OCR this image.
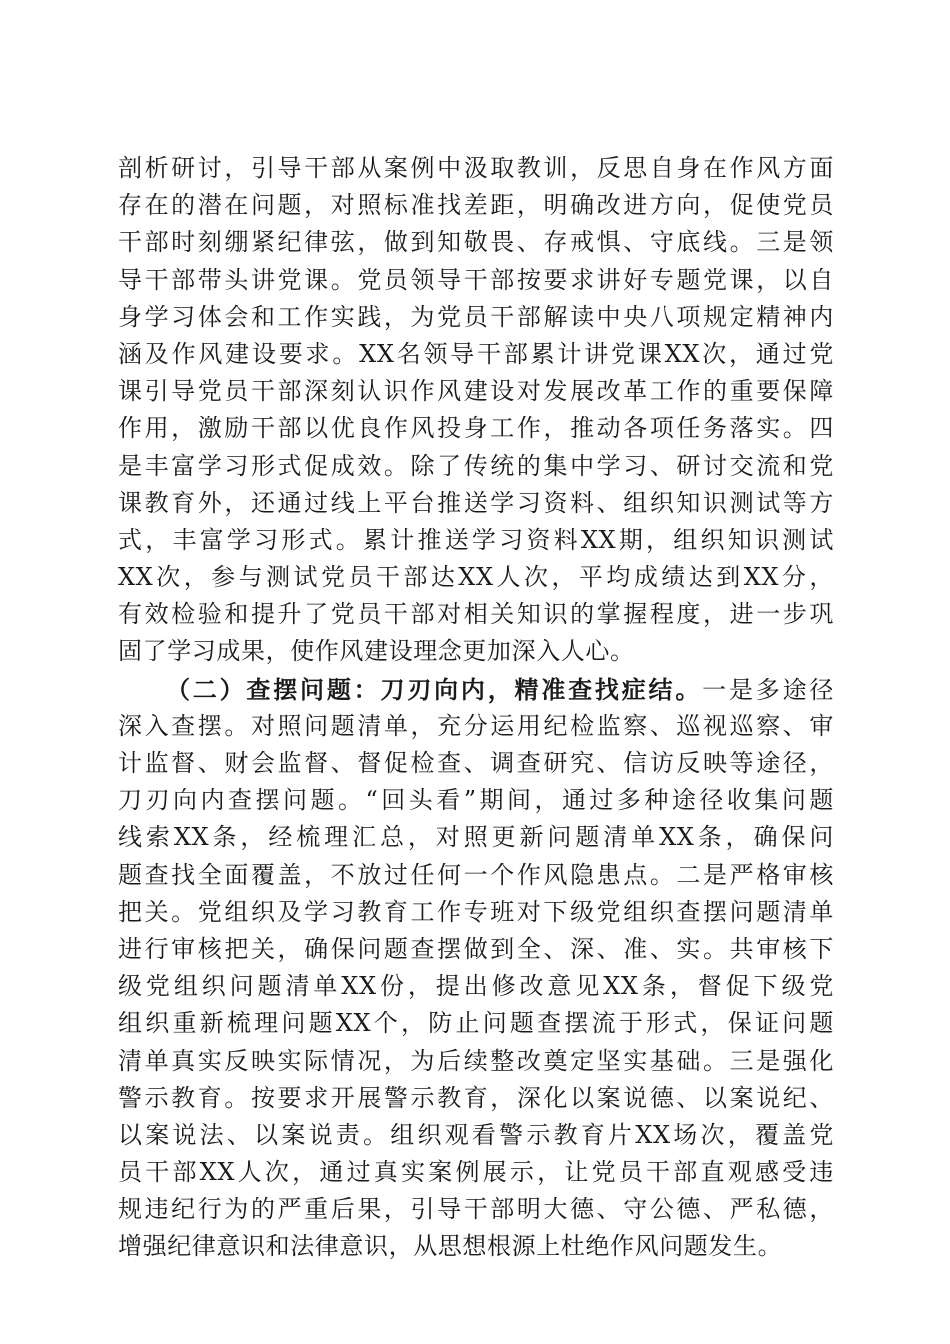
剖析研讨，引导干部从案例中汲取教训，反思自身在作风方面
存在的潜在问题，对照标准找差距，明确改进方向，促使党员
干部时刻绷紧纪律弦，做到知敬畏、存戒惧、守底线。三是领
导干部带头讲党课。党员领导干部按要求讲好专题党课，以自
身学习体会和工作实践，为党员干部解读中央八项规定精神内
涵及作风建设要求。XX名领导干部累计讲党课XX次，通过党
课引导党员干部深刻认识作风建设对发展改革工作的重要保障
作用，激励干部以优良作风投身工作，推动各项任务落实。四
是丰富学习形式促成效。除了传统的集中学习、研讨交流和党
课教育外，还通过线上平台推送学习资料、组织知识测试等方
式，丰富学习形式。累计推送学习资料XX期，组织知识测试
XX次，参与测试党员干部达XX人次，平均成绩达到XX分，
有效检验和提升了党员干部对相关知识的掌握程度，进一步巩
固了学习成果，使作风建设理念更加深入人心。
（二）查摆问题：刀刃向内，精准查找症结。一是多途径
深入查摆。对照问题清单，充分运用纪检监察、巡视巡察、审
计监督、财会监督、督促检查、调查研究、信访反映等途径，
刀刃向内查摆问题。“回头看”期间，通过多种途径收集问题
线索XX条，经梳理汇总，对照更新问题清单XX条，确保问
题查找全面覆盖，不放过任何一个作风隐患点。二是严格审核
把关。党组织及学习教育工作专班对下级党组织查摆问题清单
进行审核把关，确保问题查摆做到全、深、准、实。共审核下
级党组织问题清单XX份，提出修改意见XX条，督促下级党
组织重新梳理问题XX个，防止问题查摆流于形式，保证问题
清单真实反映实际情况，为后续整改奠定坚实基础。三是强化
警示教育。按要求开展警示教育，深化以案说德、以案说纪、
以案说法、以案说责。组织观看警示教育片XX场次，覆盖党
员干部XX人次，通过真实案例展示，让党员干部直观感受违
规违纪行为的严重后果，引导干部明大德、守公德、严私德，
增强纪律意识和法律意识，从思想根源上杜绝作风问题发生。
